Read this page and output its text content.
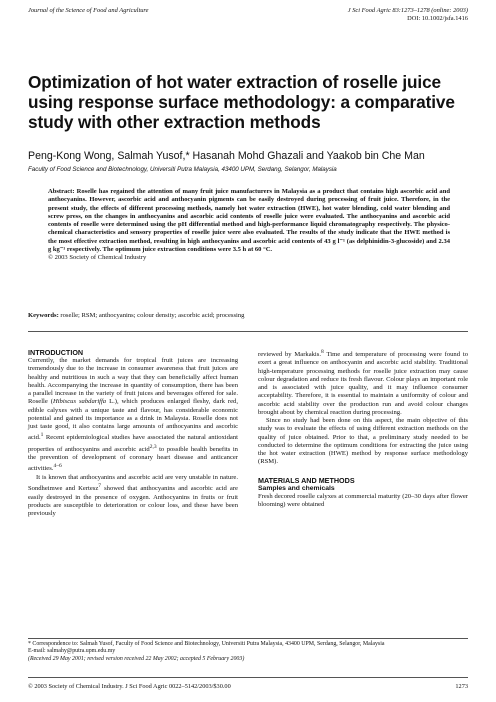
Journal of the Science of Food and Agriculture	J Sci Food Agric 83:1273–1278 (online: 2003)
DOI: 10.1002/jsfa.1416
Optimization of hot water extraction of roselle juice using response surface methodology: a comparative study with other extraction methods
Peng-Kong Wong, Salmah Yusof,* Hasanah Mohd Ghazali and Yaakob bin Che Man
Faculty of Food Science and Biotechnology, Universiti Putra Malaysia, 43400 UPM, Serdang, Selangor, Malaysia

Abstract: Roselle has regained the attention of many fruit juice manufacturers in Malaysia as a product that contains high ascorbic acid and anthocyanins. However, ascorbic acid and anthocyanin pigments can be easily destroyed during processing of fruit juice. Therefore, in the present study, the effects of different processing methods, namely hot water extraction (HWE), hot water blending, cold water blending and screw press, on the changes in anthocyanins and ascorbic acid contents of roselle juice were evaluated. The anthocyanins and ascorbic acid contents of roselle were determined using the pH differential method and high-performance liquid chromatography respectively. The physico-chemical characteristics and sensory properties of roselle juice were also evaluated. The results of the study indicate that the HWE method is the most effective extraction method, resulting in high anthocyanins and ascorbic acid contents of 43 g l⁻¹ (as delphinidin-3-glucoside) and 2.34 g kg⁻¹ respectively. The optimum juice extraction conditions were 3.5 h at 60 °C.
© 2003 Society of Chemical Industry

Keywords: roselle; RSM; anthocyanins; colour density; ascorbic acid; processing
INTRODUCTION

Currently, the market demands for tropical fruit juices are increasing tremendously due to the increase in consumer awareness that fruit juices are healthy and nutritious in such a way that they can beneficially affect human health. Accompanying the increase in quantity of consumption, there has been a parallel increase in the variety of fruit juices and beverages offered for sale. Roselle (Hibiscus sabdariffa L.), which produces enlarged fleshy, dark red, edible calyxes with a unique taste and flavour, has considerable economic potential and gained its importance as a drink in Malaysia. Roselle does not just taste good, it also contains large amounts of anthocyanins and ascorbic acid.$^1$ Recent epidemiological studies have associated the natural antioxidant properties of anthocyanins and ascorbic acid$^{2,3}$ to possible health benefits in the prevention of development of coronary heart disease and anticancer activities.$^{4-6}$

It is known that anthocyanins and ascorbic acid are very unstable in nature. Sondheimwe and Kertesz$^7$ showed that anthocyanins and ascorbic acid are easily destroyed in the presence of oxygen. Anthocyanins in fruits or fruit products are susceptible to deterioration or colour loss, and these have been previously

reviewed by Markakis.$^8$ Time and temperature of processing were found to exert a great influence on anthocyanin and ascorbic acid stability. Traditional high-temperature processing methods for roselle juice extraction may cause colour degradation and reduce its fresh flavour. Colour plays an important role and is associated with juice quality, and it may influence consumer acceptability. Therefore, it is essential to maintain a uniformity of colour and ascorbic acid stability over the production run and avoid colour changes brought about by chemical reaction during processing.

Since no study had been done on this aspect, the main objective of this study was to evaluate the effects of using different extraction methods on the quality of juice obtained. Prior to that, a preliminary study needed to be conducted to determine the optimum conditions for extracting the juice using the hot water extraction (HWE) method by response surface methodology (RSM).

MATERIALS AND METHODS
Samples and chemicals

Fresh decored roselle calyxes at commercial maturity (20–30 days after flower blooming) were obtained

* Correspondence to: Salmah Yusof, Faculty of Food Science and Biotechnology, Universiti Putra Malaysia, 43400 UPM, Serdang, Selangor, Malaysia
E-mail: salmahy@putra.upm.edu.my
(Received 29 May 2001; revised version received 22 May 2002; accepted 5 February 2003)
© 2003 Society of Chemical Industry. J Sci Food Agric 0022–5142/2003/$30.00	1273
